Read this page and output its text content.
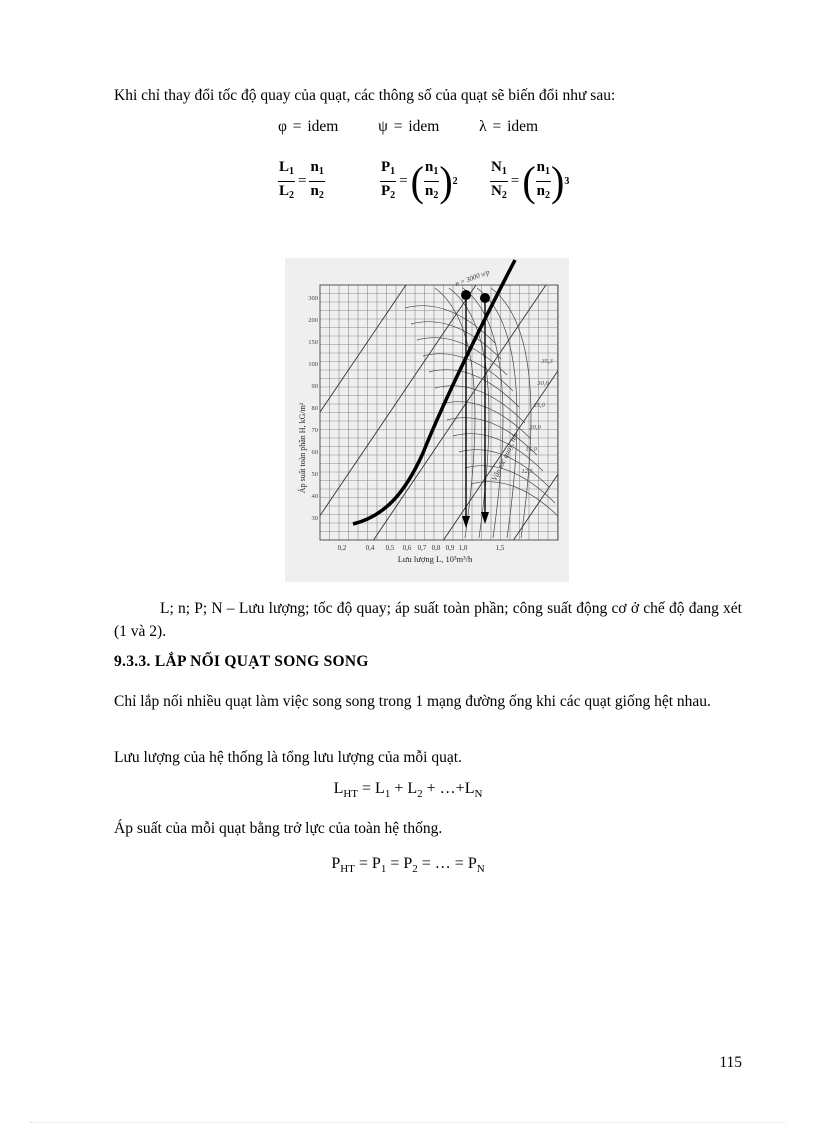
Khi chỉ thay đổi tốc độ quay của quạt, các thông số của quạt sẽ biến đổi như sau:
φ = idem	ψ = idem	λ = idem
$\frac{L_1}{L_2} = \frac{n_1}{n_2}$	$\frac{P_1}{P_2}$ = ( $\frac{n_1}{n_2}$ ) $2 \frac{N_1}{N_2}$ = ( $\frac{n_1}{n_2}$ ) 3
0,2	0,4 0,5 0,6 0,7 0,8 0,9 1,0	1,5
30
40
50
60
70
80
90
100
150
200
300
35,3
30,0
25,0
20,0
16,0
12,5
Lưu lượng L, 10³m³/h
Áp suất toàn phần H, kG/m²	Vận tốc quay, n/s
n = 3000 v/p
L; n; P; N – Lưu lượng; tốc độ quay; áp suất toàn phần; công suất động cơ ở chế độ đang xét (1 và 2).
9.3.3. LẮP NỐI QUẠT SONG SONG
Chỉ lắp nối nhiều quạt làm việc song song trong 1 mạng đường ống khi các quạt giống hệt nhau.
Lưu lượng của hệ thống là tổng lưu lượng của mỗi quạt.
$L_{HT} = L_1 + L_2$ + $\dots+L_N$
Áp suất của mỗi quạt bằng trở lực của toàn hệ thống.
$P_{HT} = P_1 = P_2$ = … = $P_N$
115
